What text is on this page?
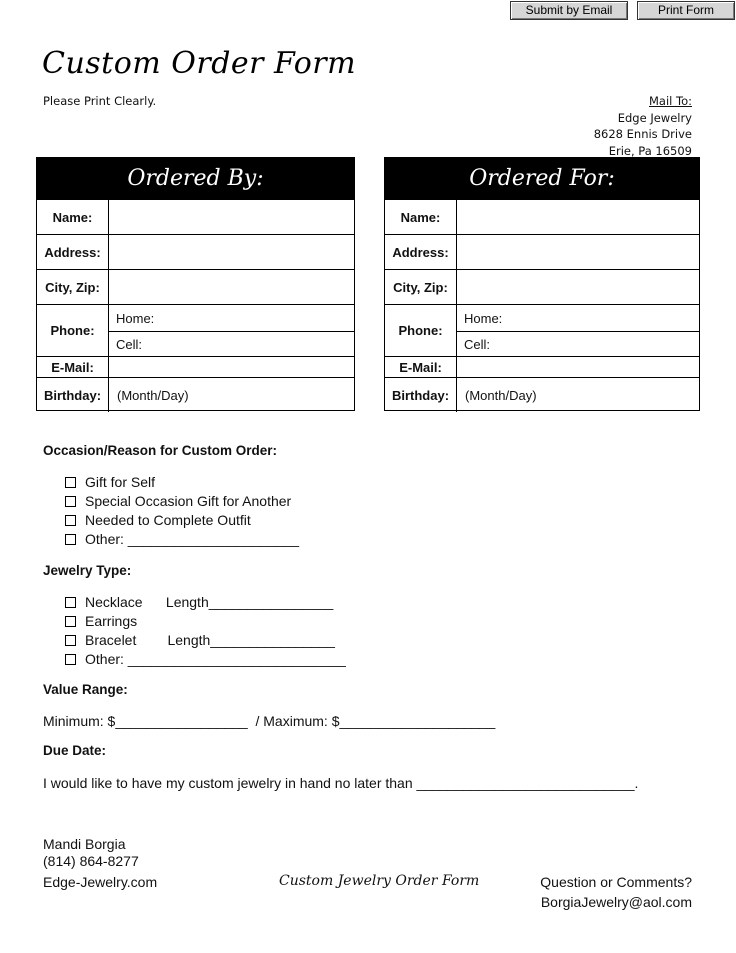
Submit by Email	Print Form
Custom Order Form
Please Print Clearly.	Mail To:
Edge Jewelry
8628 Ennis Drive
Erie, Pa 16509
Ordered By:
Name:
Address:
City, Zip:
Phone:
Home:
Cell:
E-Mail:
Birthday:	(Month/Day)
Ordered For:
Name:
Address:
City, Zip:
Phone:
Home:
Cell:
E-Mail:
Birthday:	(Month/Day)
Occasion/Reason for Custom Order:
Gift for Self
Special Occasion Gift for Another
Needed to Complete Outfit
Other: ______________________
Jewelry Type:
Necklace      Length________________
Earrings
Bracelet        Length________________
Other: ____________________________
Value Range:
Minimum: $_________________  / Maximum: $____________________
Due Date:
I would like to have my custom jewelry in hand no later than ____________________________.
Mandi Borgia
(814) 864-8277
Edge-Jewelry.com	Custom Jewelry Order Form	Question or Comments?
BorgiaJewelry@aol.com
